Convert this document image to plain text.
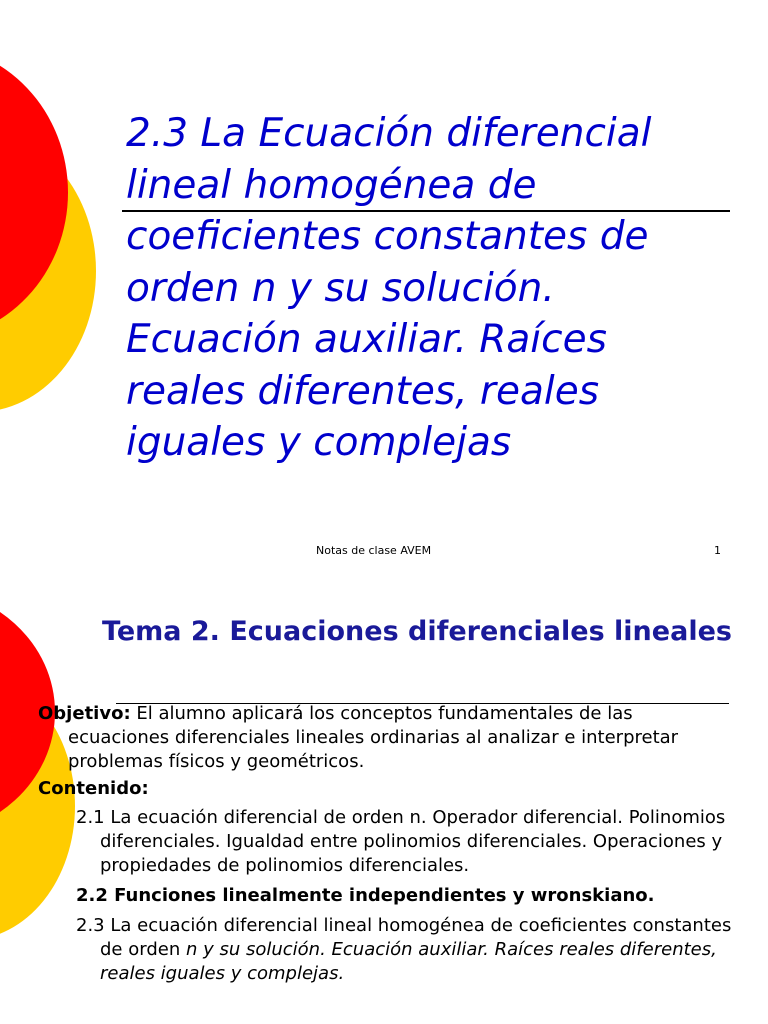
2.3 La Ecuación diferencial lineal homogénea de coeficientes constantes de orden n y su solución. Ecuación auxiliar. Raíces reales diferentes, reales iguales y complejas
Notas de clase AVEM	1
Tema 2. Ecuaciones diferenciales lineales

Objetivo: El alumno aplicará los conceptos fundamentales de las ecuaciones diferenciales lineales ordinarias al analizar e interpretar problemas físicos y geométricos.

Contenido:

2.1 La ecuación diferencial de orden n. Operador diferencial. Polinomios diferenciales. Igualdad entre polinomios diferenciales. Operaciones y propiedades de polinomios diferenciales.

2.2 Funciones linealmente independientes y wronskiano.

2.3 La ecuación diferencial lineal homogénea de coeficientes constantes de orden n y su solución. Ecuación auxiliar. Raíces reales diferentes, reales iguales y complejas.
